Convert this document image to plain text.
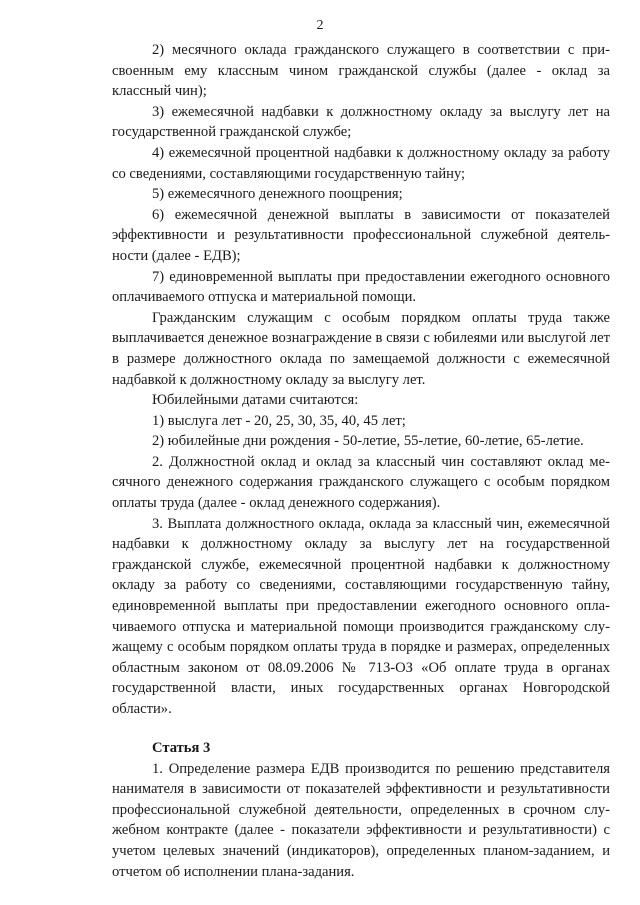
2

2) месячного оклада гражданского служащего в соответствии с присвоенным ему классным чином гражданской службы (далее - оклад за классный чин);

3) ежемесячной надбавки к должностному окладу за выслугу лет на государственной гражданской службе;

4) ежемесячной процентной надбавки к должностному окладу за работу со сведениями, составляющими государственную тайну;

5) ежемесячного денежного поощрения;

6) ежемесячной денежной выплаты в зависимости от показателей эффективности и результативности профессиональной служебной деятельности (далее - ЕДВ);

7) единовременной выплаты при предоставлении ежегодного основного оплачиваемого отпуска и материальной помощи.

Гражданским служащим с особым порядком оплаты труда также выплачивается денежное вознаграждение в связи с юбилеями или выслугой лет в размере должностного оклада по замещаемой должности с ежемесячной надбавкой к должностному окладу за выслугу лет.

Юбилейными датами считаются:

1) выслуга лет - 20, 25, 30, 35, 40, 45 лет;

2) юбилейные дни рождения - 50-летие, 55-летие, 60-летие, 65-летие.

2. Должностной оклад и оклад за классный чин составляют оклад месячного денежного содержания гражданского служащего с особым порядком оплаты труда (далее - оклад денежного содержания).

3. Выплата должностного оклада, оклада за классный чин, ежемесячной надбавки к должностному окладу за выслугу лет на государственной гражданской службе, ежемесячной процентной надбавки к должностному окладу за работу со сведениями, составляющими государственную тайну, единовременной выплаты при предоставлении ежегодного основного оплачиваемого отпуска и материальной помощи производится гражданскому служащему с особым порядком оплаты труда в порядке и размерах, определенных областным законом от 08.09.2006 № 713-ОЗ «Об оплате труда в органах государственной власти, иных государственных органах Новгородской области».

Статья 3

1. Определение размера ЕДВ производится по решению представителя нанимателя в зависимости от показателей эффективности и результативности профессиональной служебной деятельности, определенных в срочном служебном контракте (далее - показатели эффективности и результативности) с учетом целевых значений (индикаторов), определенных планом-заданием, и отчетом об исполнении плана-задания.
